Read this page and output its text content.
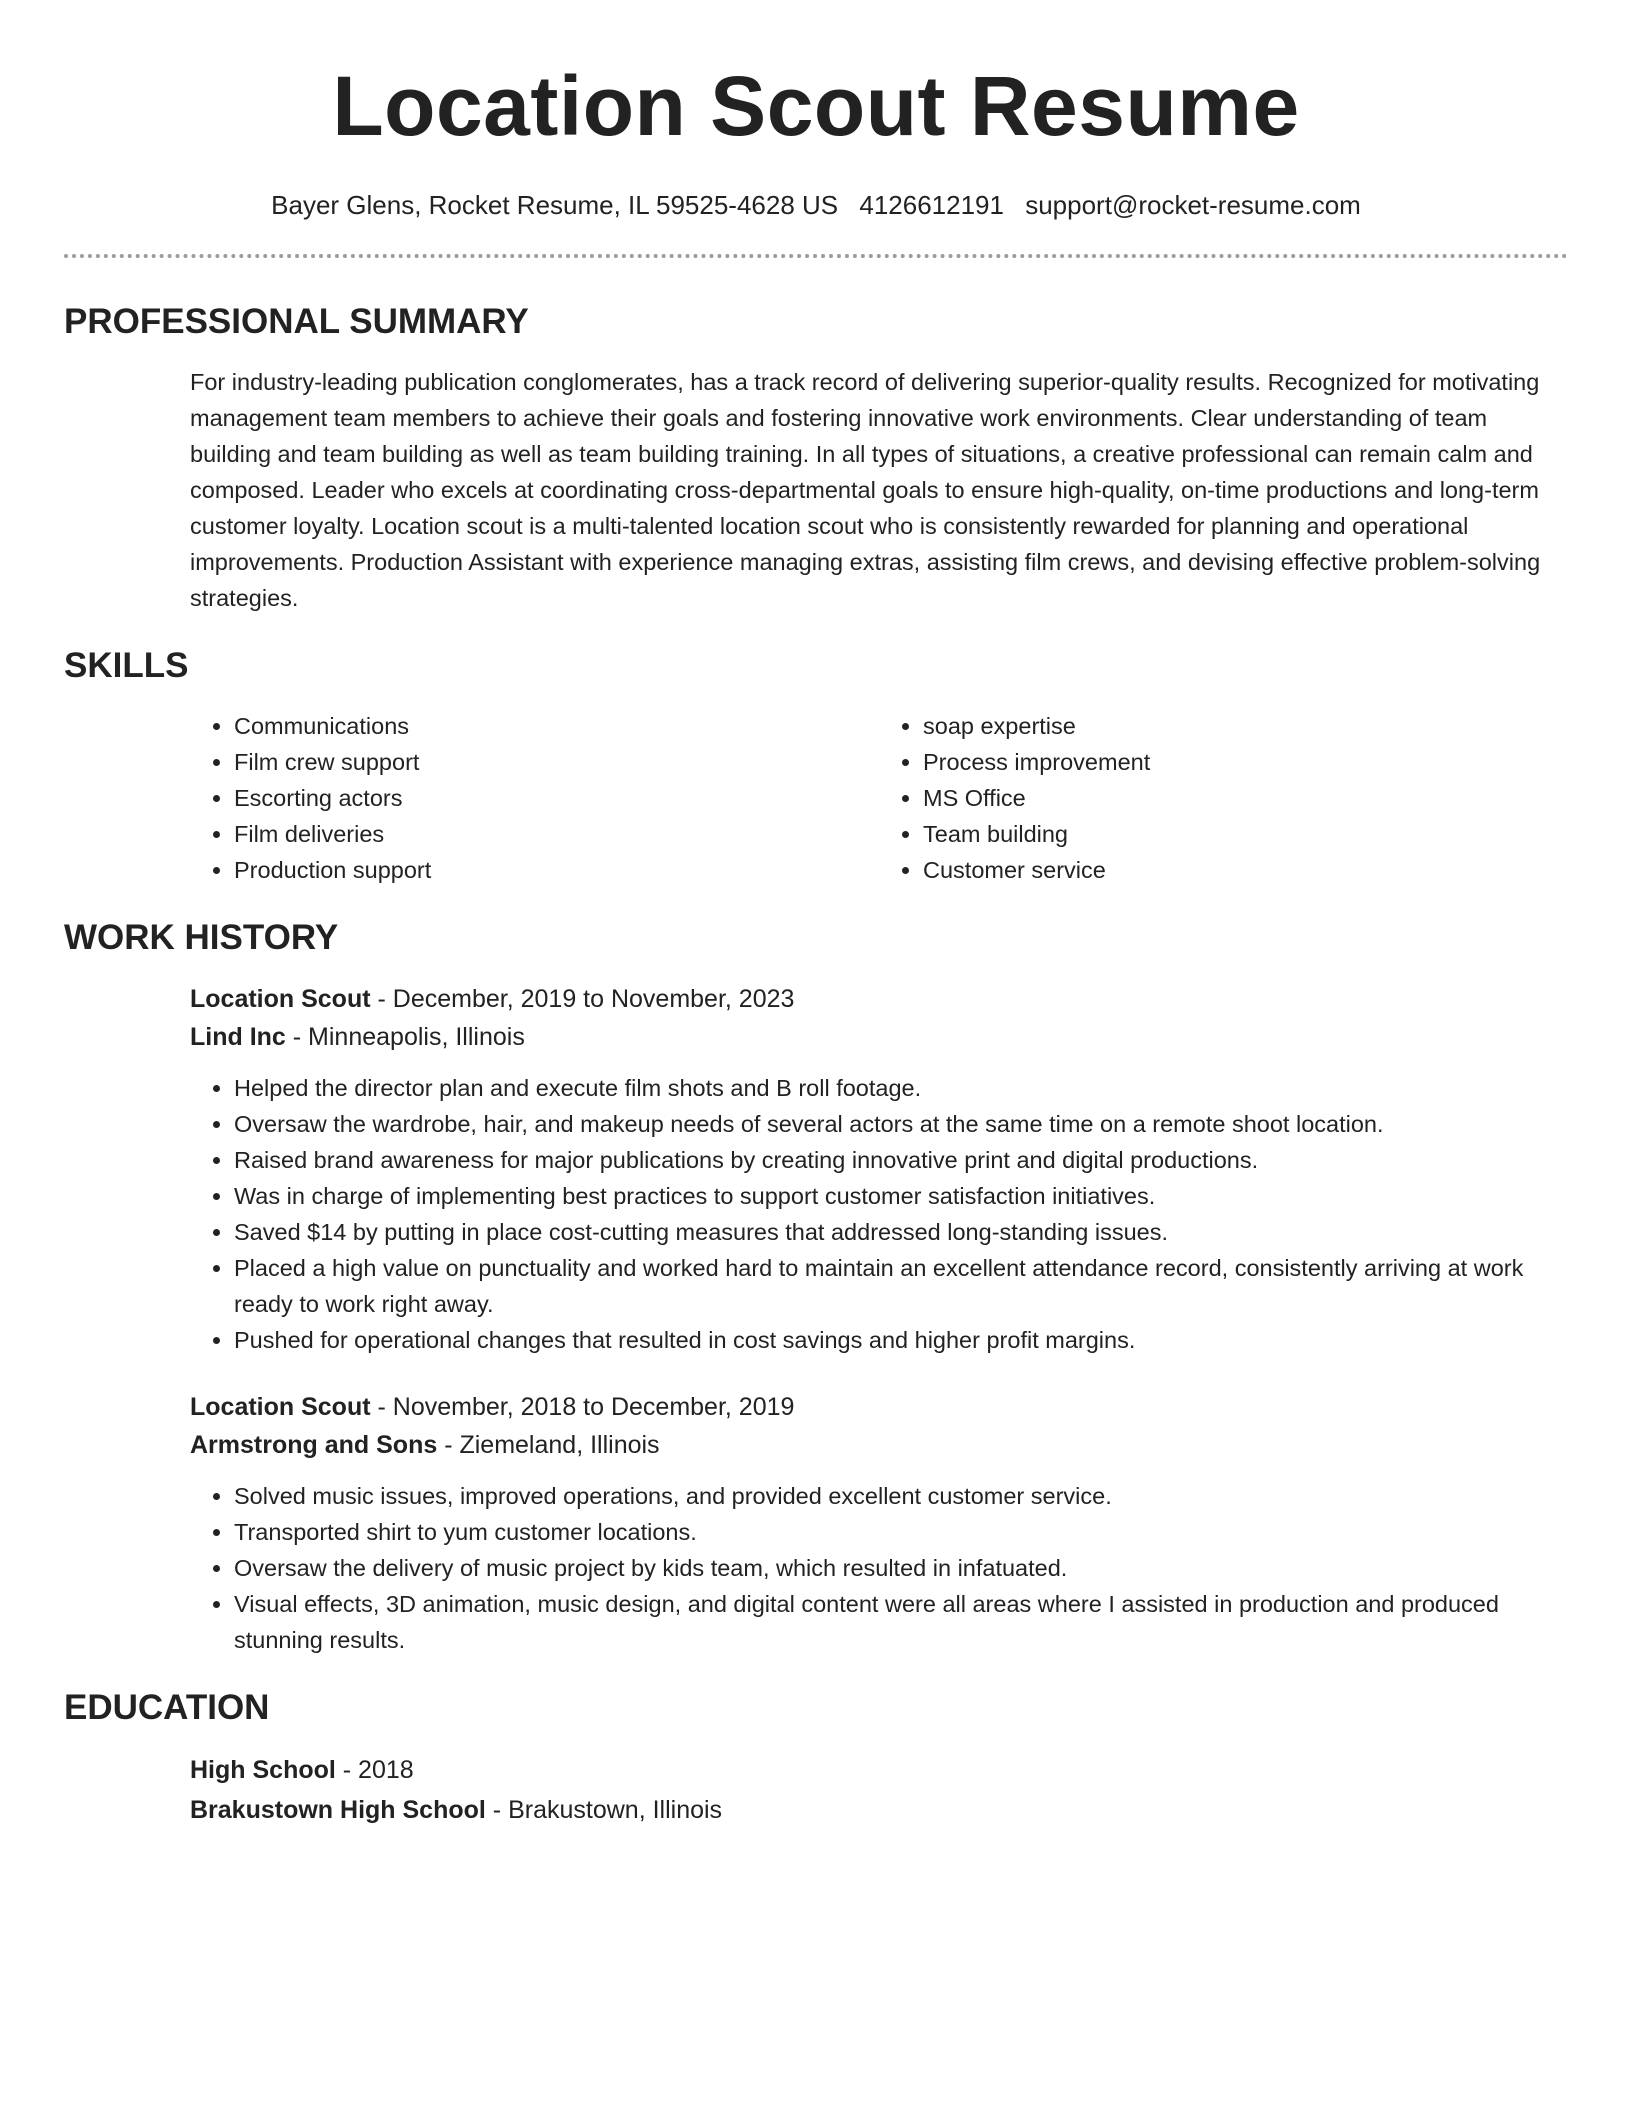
Location Scout Resume
Bayer Glens, Rocket Resume, IL 59525-4628 US 4126612191 support@rocket-resume.com
PROFESSIONAL SUMMARY

For industry-leading publication conglomerates, has a track record of delivering superior-quality results. Recognized for motivating management team members to achieve their goals and fostering innovative work environments. Clear understanding of team building and team building as well as team building training. In all types of situations, a creative professional can remain calm and composed. Leader who excels at coordinating cross-departmental goals to ensure high-quality, on-time productions and long-term customer loyalty. Location scout is a multi-talented location scout who is consistently rewarded for planning and operational improvements. Production Assistant with experience managing extras, assisting film crews, and devising effective problem-solving strategies.

SKILLS
• Communications
• Film crew support
• Escorting actors
• Film deliveries
• Production support
• soap expertise
• Process improvement
• MS Office
• Team building
• Customer service
WORK HISTORY
Location Scout - December, 2019 to November, 2023
Lind Inc - Minneapolis, Illinois
• Helped the director plan and execute film shots and B roll footage.
• Oversaw the wardrobe, hair, and makeup needs of several actors at the same time on a remote shoot location.
• Raised brand awareness for major publications by creating innovative print and digital productions.
• Was in charge of implementing best practices to support customer satisfaction initiatives.
• Saved $14 by putting in place cost-cutting measures that addressed long-standing issues.
• Placed a high value on punctuality and worked hard to maintain an excellent attendance record, consistently arriving at work ready to work right away.
• Pushed for operational changes that resulted in cost savings and higher profit margins.
Location Scout - November, 2018 to December, 2019
Armstrong and Sons - Ziemeland, Illinois
• Solved music issues, improved operations, and provided excellent customer service.
• Transported shirt to yum customer locations.
• Oversaw the delivery of music project by kids team, which resulted in infatuated.
• Visual effects, 3D animation, music design, and digital content were all areas where I assisted in production and produced stunning results.
EDUCATION
High School - 2018
Brakustown High School - Brakustown, Illinois
